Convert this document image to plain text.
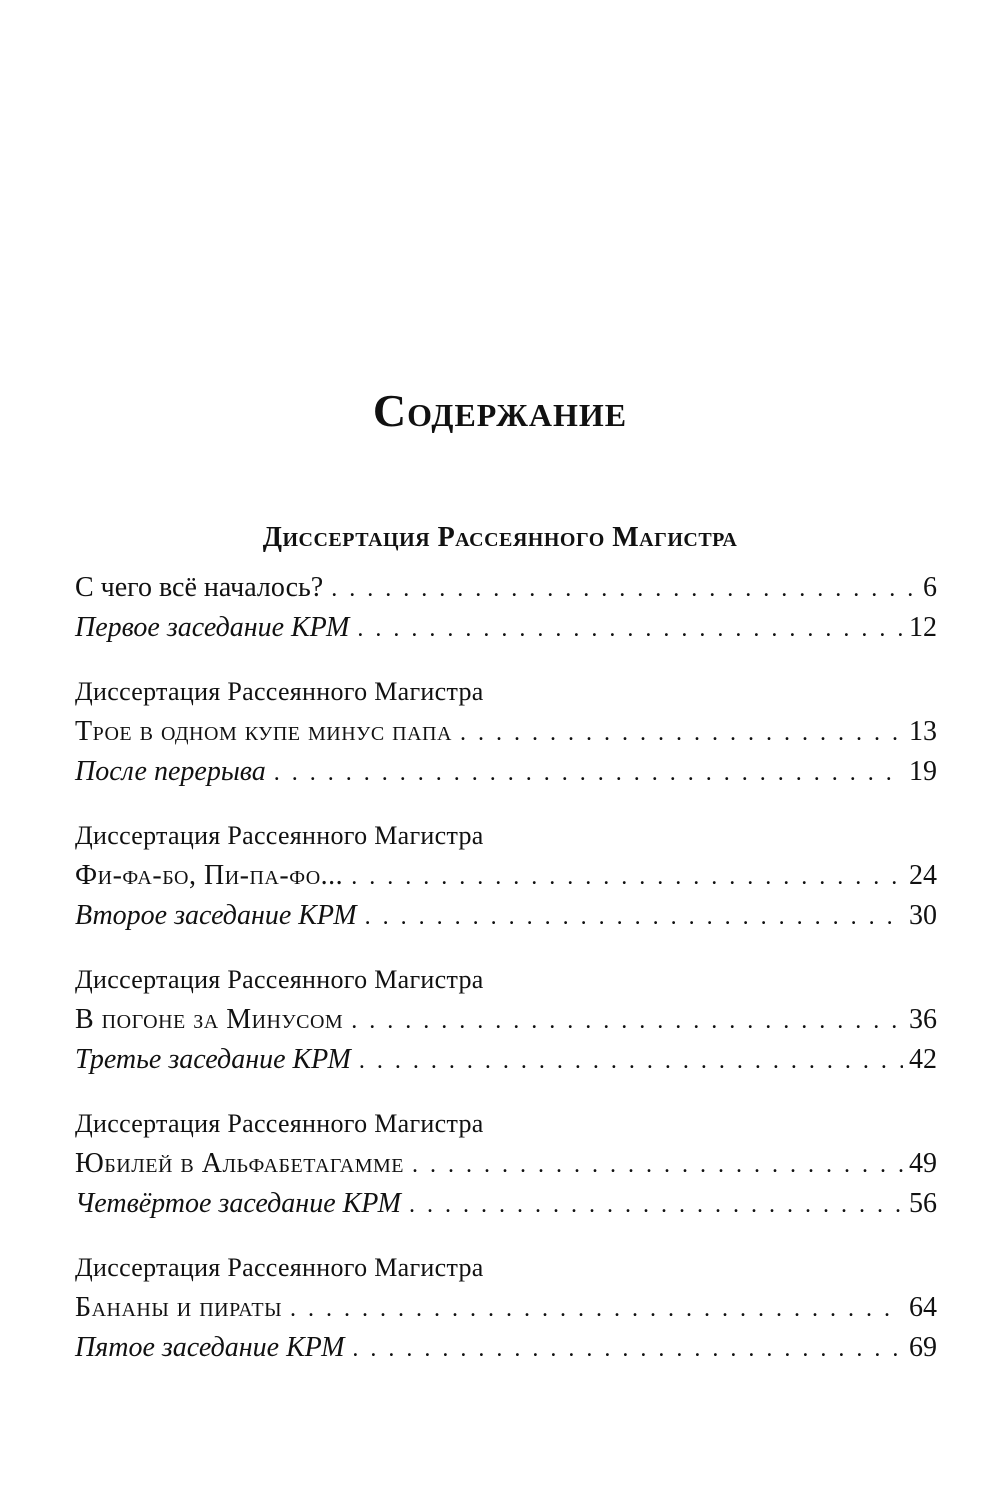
Содержание
Диссертация Рассеянного Магистра
С чего всё началось? . . .	6
Первое заседание КРМ . . .	12
Диссертация Рассеянного Магистра
Трое в одном купе минус папа . . .	13
После перерыва . . .	19
Диссертация Рассеянного Магистра
Фи-фа-бо, Пи-па-фо... . . .	24
Второе заседание КРМ . . .	30
Диссертация Рассеянного Магистра
В погоне за Минусом . . .	36
Третье заседание КРМ . . .	42
Диссертация Рассеянного Магистра
Юбилей в Альфабетагамме . . .	49
Четвёртое заседание КРМ . . .	56
Диссертация Рассеянного Магистра
Бананы и пираты . . .	64
Пятое заседание КРМ . . .	69
